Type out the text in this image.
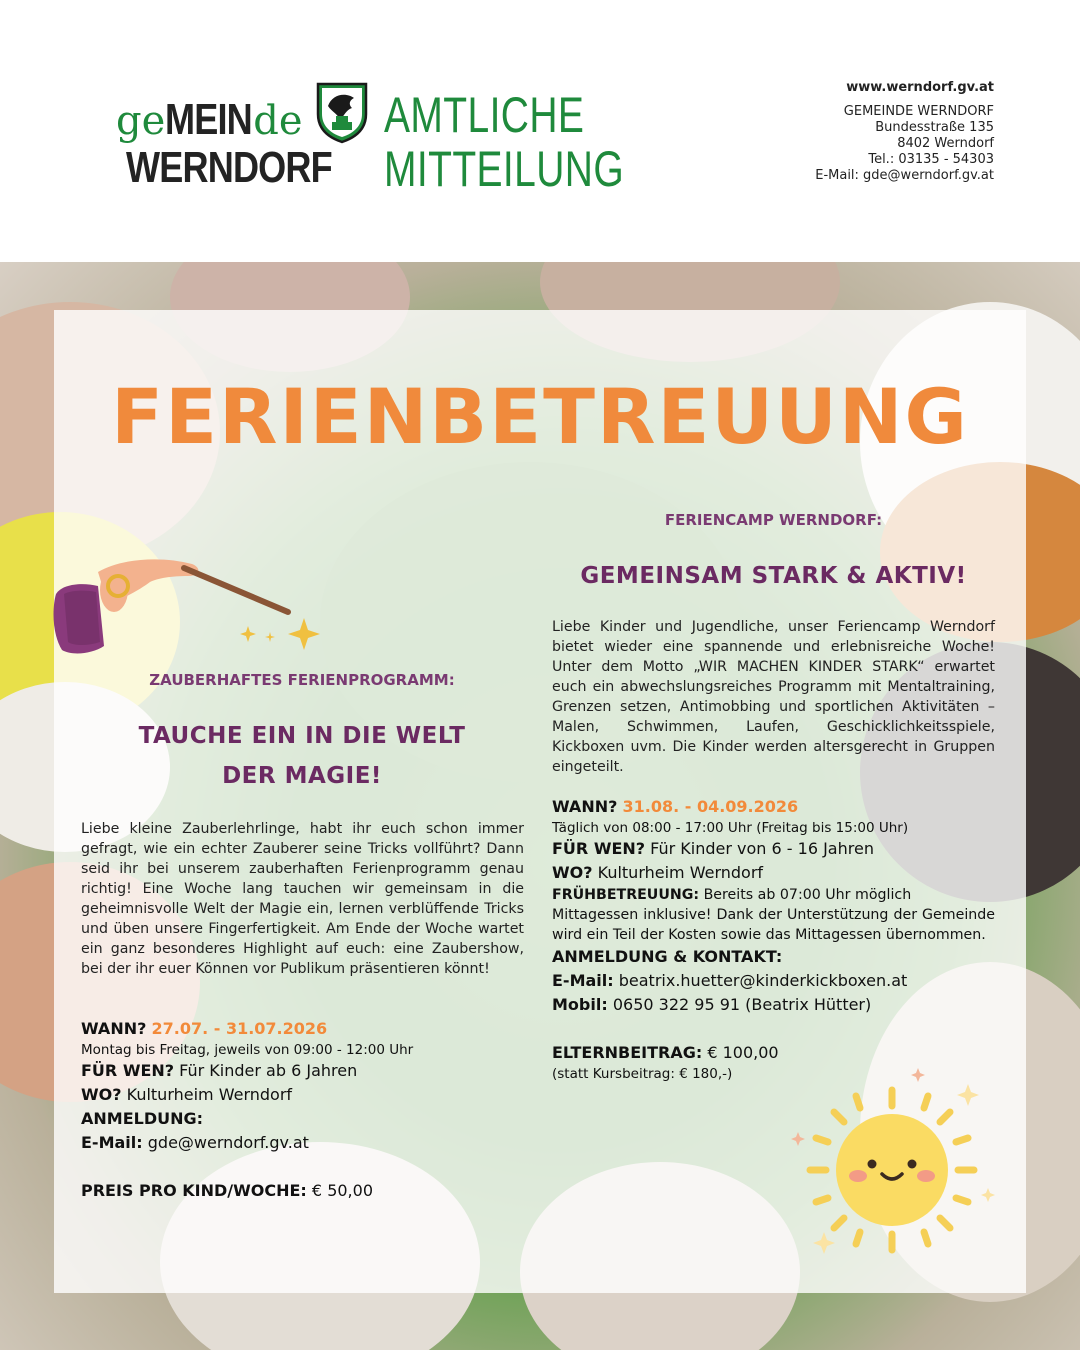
geMEINde
WERNDORF
AMTLICHE
MITTEILUNG
www.werndorf.gv.at
GEMEINDE WERNDORF
Bundesstraße 135
8402 Werndorf
Tel.: 03135 - 54303
E-Mail: gde@werndorf.gv.at
FERIENBETREUUNG
ZAUBERHAFTES FERIENPROGRAMM:
TAUCHE EIN IN DIE WELT
DER MAGIE!

Liebe kleine Zauberlehrlinge, habt ihr euch schon immer gefragt, wie ein echter Zauberer seine Tricks vollführt? Dann seid ihr bei unserem zauberhaften Ferienprogramm genau richtig! Eine Woche lang tauchen wir gemeinsam in die geheimnisvolle Welt der Magie ein, lernen verblüffende Tricks und üben unsere Fingerfertigkeit. Am Ende der Woche wartet ein ganz besonderes Highlight auf euch: eine Zaubershow, bei der ihr euer Können vor Publikum präsentieren könnt!

WANN? 27.07. - 31.07.2026
Montag bis Freitag, jeweils von 09:00 - 12:00 Uhr
FÜR WEN? Für Kinder ab 6 Jahren
WO? Kulturheim Werndorf
ANMELDUNG:
E-Mail: gde@werndorf.gv.at
PREIS PRO KIND/WOCHE: € 50,00
FERIENCAMP WERNDORF:
GEMEINSAM STARK & AKTIV!

Liebe Kinder und Jugendliche, unser Feriencamp Werndorf bietet wieder eine spannende und erlebnisreiche Woche! Unter dem Motto „WIR MACHEN KINDER STARK“ erwartet euch ein abwechslungsreiches Programm mit Mentaltraining, Grenzen setzen, Antimobbing und sportlichen Aktivitäten – Malen, Schwimmen, Laufen, Geschicklichkeitsspiele, Kickboxen uvm. Die Kinder werden altersgerecht in Gruppen eingeteilt.

WANN? 31.08. - 04.09.2026
Täglich von 08:00 - 17:00 Uhr (Freitag bis 15:00 Uhr)
FÜR WEN? Für Kinder von 6 - 16 Jahren
WO? Kulturheim Werndorf
FRÜHBETREUUNG: Bereits ab 07:00 Uhr möglich

Mittagessen inklusive! Dank der Unterstützung der Gemeinde wird ein Teil der Kosten sowie das Mittagessen übernommen.

ANMELDUNG & KONTAKT:
E-Mail: beatrix.huetter@kinderkickboxen.at
Mobil: 0650 322 95 91 (Beatrix Hütter)
ELTERNBEITRAG: € 100,00
(statt Kursbeitrag: € 180,-)
